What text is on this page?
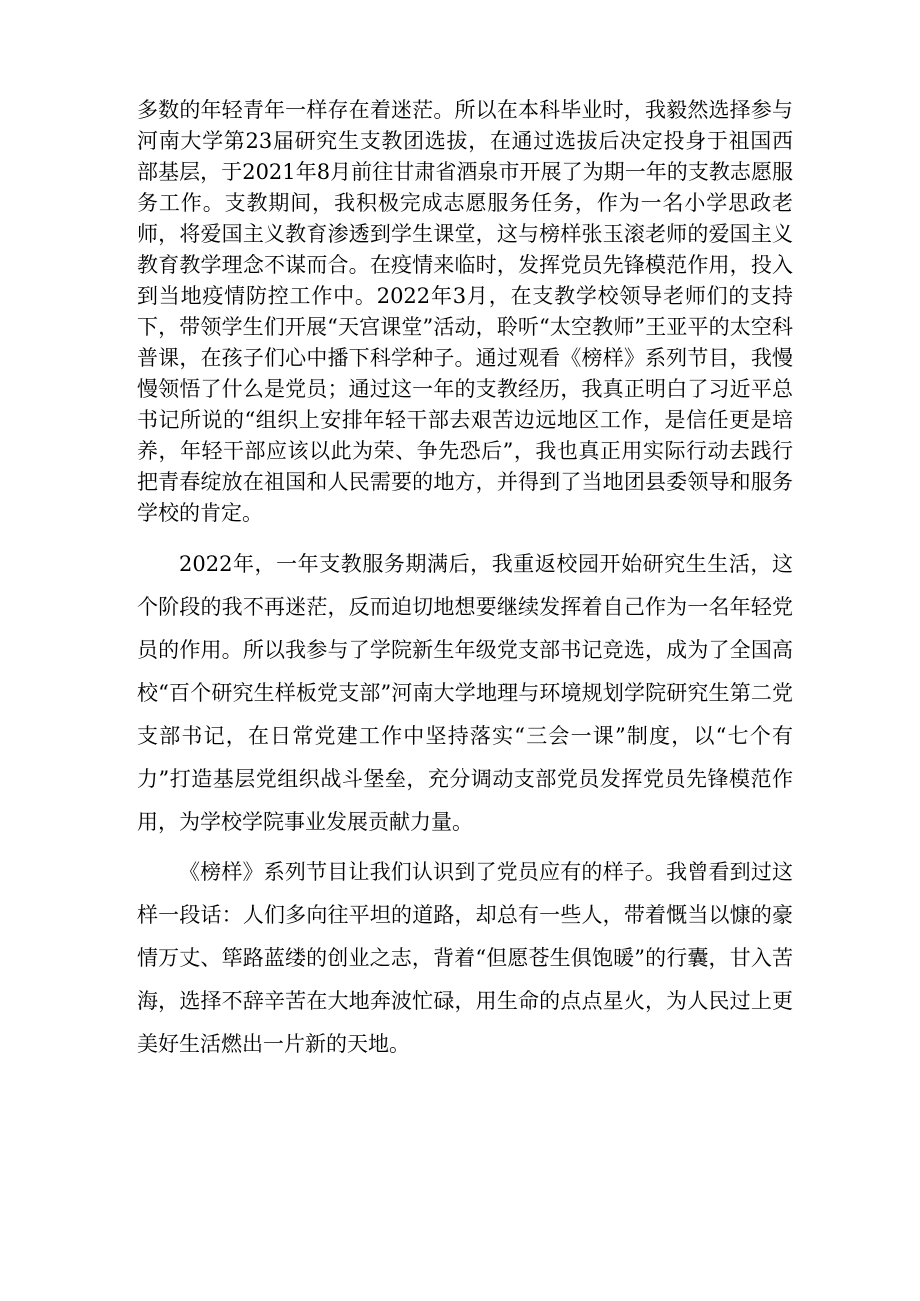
多数的年轻青年一样存在着迷茫。所以在本科毕业时，我毅然选择参与河南大学第23届研究生支教团选拔，在通过选拔后决定投身于祖国西部基层，于2021年8月前往甘肃省酒泉市开展了为期一年的支教志愿服务工作。支教期间，我积极完成志愿服务任务，作为一名小学思政老师，将爱国主义教育渗透到学生课堂，这与榜样张玉滚老师的爱国主义教育教学理念不谋而合。在疫情来临时，发挥党员先锋模范作用，投入到当地疫情防控工作中。2022年3月，在支教学校领导老师们的支持下，带领学生们开展“天宫课堂”活动，聆听“太空教师”王亚平的太空科普课，在孩子们心中播下科学种子。通过观看《榜样》系列节目，我慢慢领悟了什么是党员；通过这一年的支教经历，我真正明白了习近平总书记所说的“组织上安排年轻干部去艰苦边远地区工作，是信任更是培养，年轻干部应该以此为荣、争先恐后”，我也真正用实际行动去践行把青春绽放在祖国和人民需要的地方，并得到了当地团县委领导和服务学校的肯定。

2022年，一年支教服务期满后，我重返校园开始研究生生活，这个阶段的我不再迷茫，反而迫切地想要继续发挥着自己作为一名年轻党员的作用。所以我参与了学院新生年级党支部书记竞选，成为了全国高校“百个研究生样板党支部”河南大学地理与环境规划学院研究生第二党支部书记，在日常党建工作中坚持落实“三会一课”制度，以“七个有力”打造基层党组织战斗堡垒，充分调动支部党员发挥党员先锋模范作用，为学校学院事业发展贡献力量。

《榜样》系列节目让我们认识到了党员应有的样子。我曾看到过这样一段话：人们多向往平坦的道路，却总有一些人，带着慨当以慷的豪情万丈、筚路蓝缕的创业之志，背着“但愿苍生俱饱暖”的行囊，甘入苦海，选择不辞辛苦在大地奔波忙碌，用生命的点点星火，为人民过上更美好生活燃出一片新的天地。
